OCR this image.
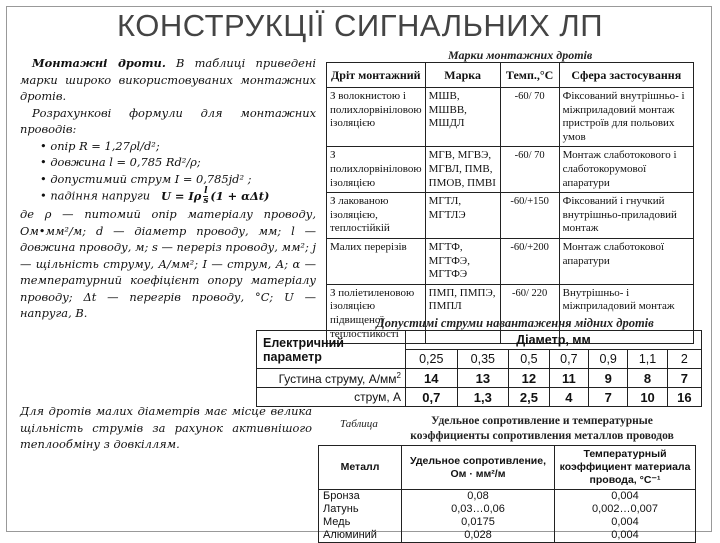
КОНСТРУКЦІЇ СИГНАЛЬНИХ ЛП

Монтажні дроти. В таблиці приведені марки широко використовуваних монтажних дротів.

Розрахункові формули для монтажних проводів:

• опір R = 1,27ρl/d²;

• довжина l = 0,785 Rd²/ρ;

• допустимий струм I = 0,785jd² ;

• падіння напруги U = Iρ $\frac{l}{s} (1 + \alpha\Delta t)$

де ρ — питомий опір матеріалу проводу, Ом•мм²/м; d — діаметр проводу, мм; l — довжина проводу, м; s — переріз проводу, мм²; j — щільність струму, А/мм²; I — струм, А; α — температурний коефіцієнт опору матеріалу проводу; Δt — перегрів проводу, °C; U — напруга, В.

Марки монтажних дротів
Дріт монтажний	Марка	Темп.,°С	Сфера застосування
З волокнистою і полихлорвініловою ізоляцією	МШВ, МШВВ, МШДЛ	-60/ 70	Фіксований внутрішньо- і міжприладовий монтаж пристроїв для польових умов
З полихлорвініловою ізоляцією	МГВ, МГВЭ, МГВЛ, ПМВ, ПМОВ, ПМВІ	-60/ 70	Монтаж слаботокового і слаботокорумової апаратури
З лакованою ізоляцією, теплостійкій	МГТЛ, МГТЛЭ	-60/+150	Фіксований і гнучкий внутрішньо-приладовий монтаж
Малих перерізів	МГТФ, МГТФЭ, МГТФЭ	-60/+200	Монтаж слаботокової апаратури
З поліетиленовою ізоляцією підвищеної теплостійкості	ПМП, ПМПЭ, ПМПЛ	-60/ 220	Внутрішньо- і міжприладовий монтаж
Допустимі струми навантаження мідних дротів
Електричний параметр	Діаметр, мм						
	0,25	0,35	0,5	0,7	0,9	1,1	2
Густина струму, $А/мм^2$	14	13	12	11	9	8	7
струм, А	0,7	1,3	2,5	4	7	10	16
Для дротів малих діаметрів має місце велика щільність струмів за рахунок активнішого теплообміну з довкіллям.
Таблица	Удельное сопротивление и температурные коэффициенты сопротивления металлов проводов
Металл	Удельное сопротивление, Ом · мм²/м	Температурный коэффициент материала провода, °С⁻¹
Бронза	0,08	0,004
Латунь	0,03…0,06	0,002…0,007
Медь	0,0175	0,004
Алюминий	0,028	0,004
